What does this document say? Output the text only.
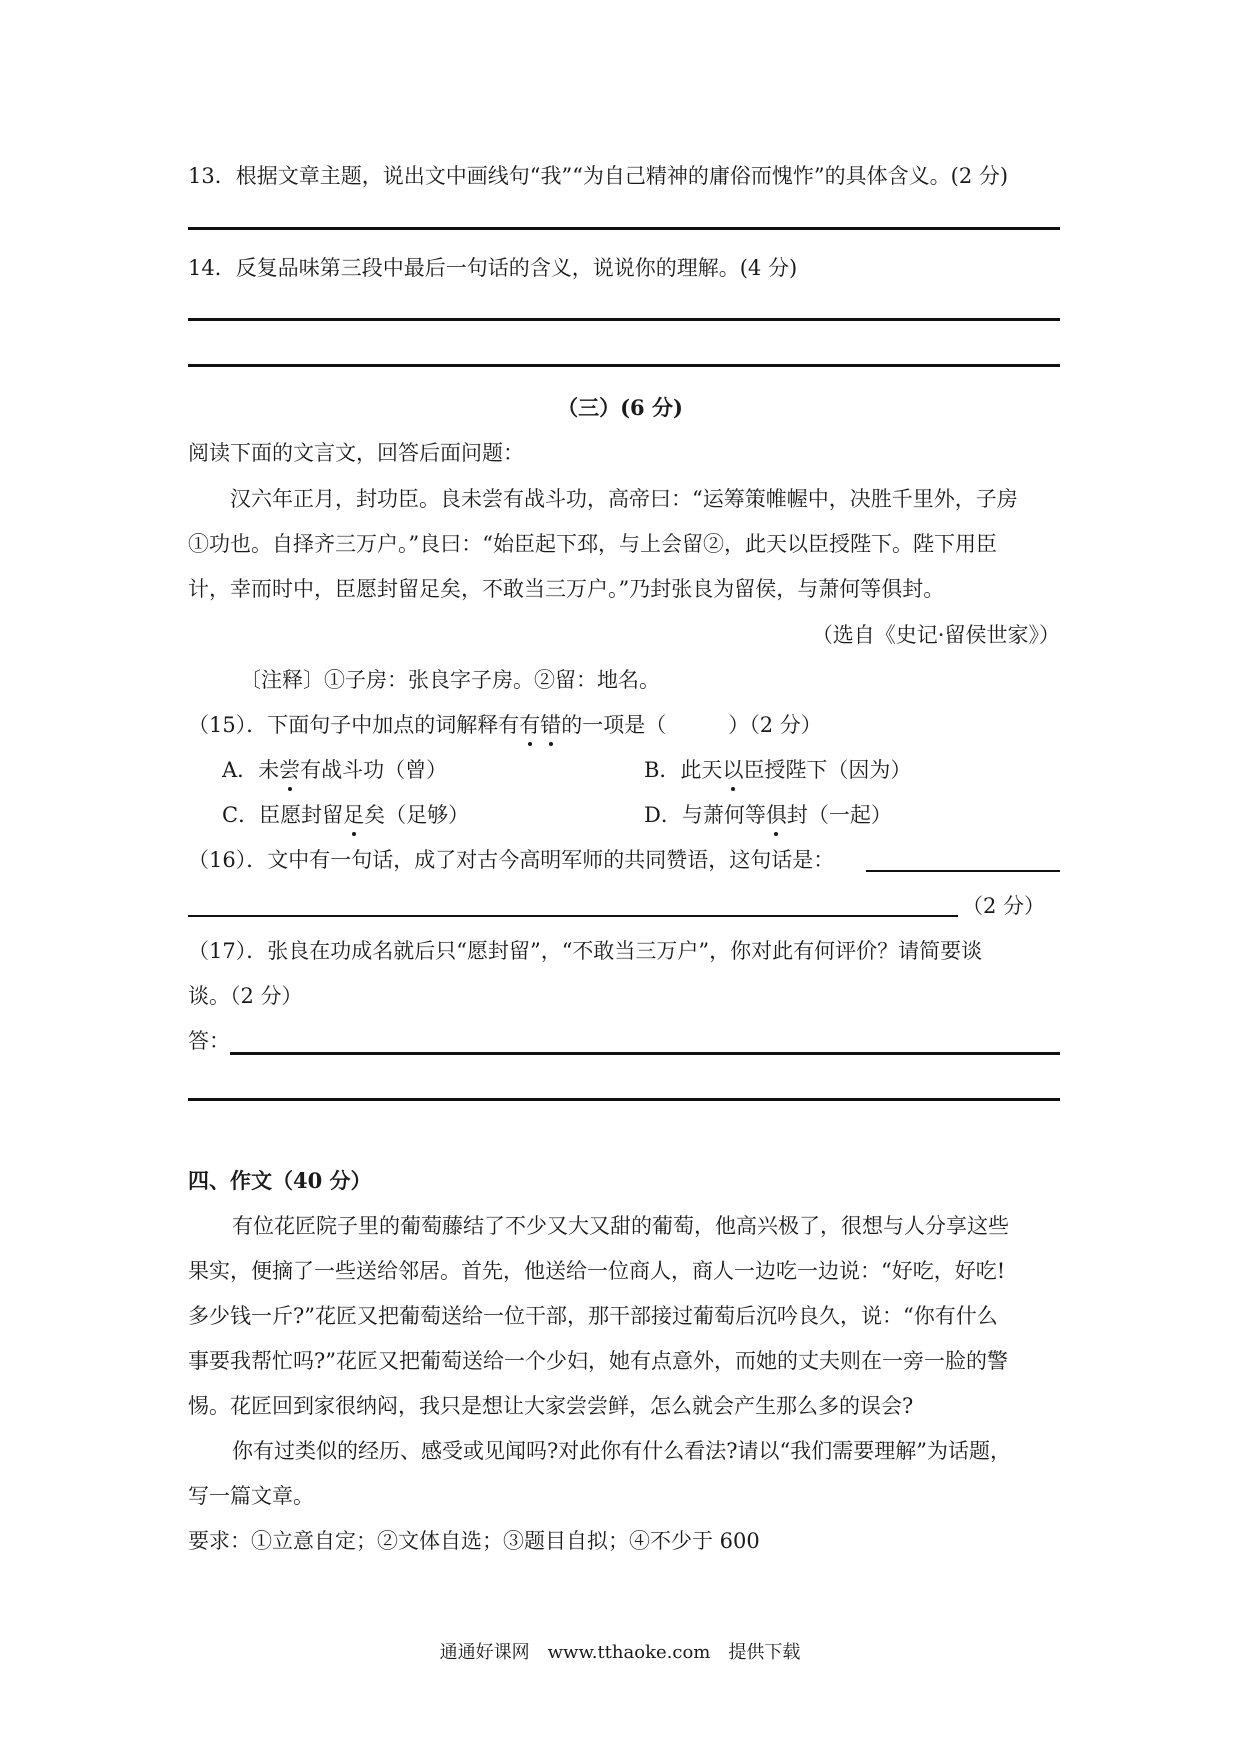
13．根据文章主题，说出文中画线句“我”“为自己精神的庸俗而愧怍”的具体含义。(2 分)
14．反复品味第三段中最后一句话的含义，说说你的理解。(4 分)
（三）(6 分)
阅读下面的文言文，回答后面问题：
汉六年正月，封功臣。良未尝有战斗功，高帝曰：“运筹策帷幄中，决胜千里外，子房
①功也。自择齐三万户。”良曰：“始臣起下邳，与上会留②，此天以臣授陛下。陛下用臣
计，幸而时中，臣愿封留足矣，不敢当三万户。”乃封张良为留侯，与萧何等俱封。
（选自《史记·留侯世家》）
〔注释〕①子房：张良字子房。②留：地名。
（15）．下面句子中加点的词解释有有错的一项是（	）（2 分）
A．未尝有战斗功（曾）	B．此天以臣授陛下（因为）
C．臣愿封留足矣（足够）	D．与萧何等俱封（一起）
（16）．文中有一句话，成了对古今高明军师的共同赞语，这句话是：
（2 分）
（17）．张良在功成名就后只“愿封留”，“不敢当三万户”，你对此有何评价？请简要谈
谈。（2 分）
答：
四、作文（40 分）
有位花匠院子里的葡萄藤结了不少又大又甜的葡萄，他高兴极了，很想与人分享这些
果实，便摘了一些送给邻居。首先，他送给一位商人，商人一边吃一边说：“好吃，好吃!
多少钱一斤?”花匠又把葡萄送给一位干部，那干部接过葡萄后沉吟良久，说：“你有什么
事要我帮忙吗?”花匠又把葡萄送给一个少妇，她有点意外，而她的丈夫则在一旁一脸的警
惕。花匠回到家很纳闷，我只是想让大家尝尝鲜，怎么就会产生那么多的误会?
你有过类似的经历、感受或见闻吗?对此你有什么看法?请以“我们需要理解”为话题，
写一篇文章。
要求：①立意自定；②文体自选；③题目自拟；④不少于 600
通通好课网　www.tthaoke.com　提供下载
